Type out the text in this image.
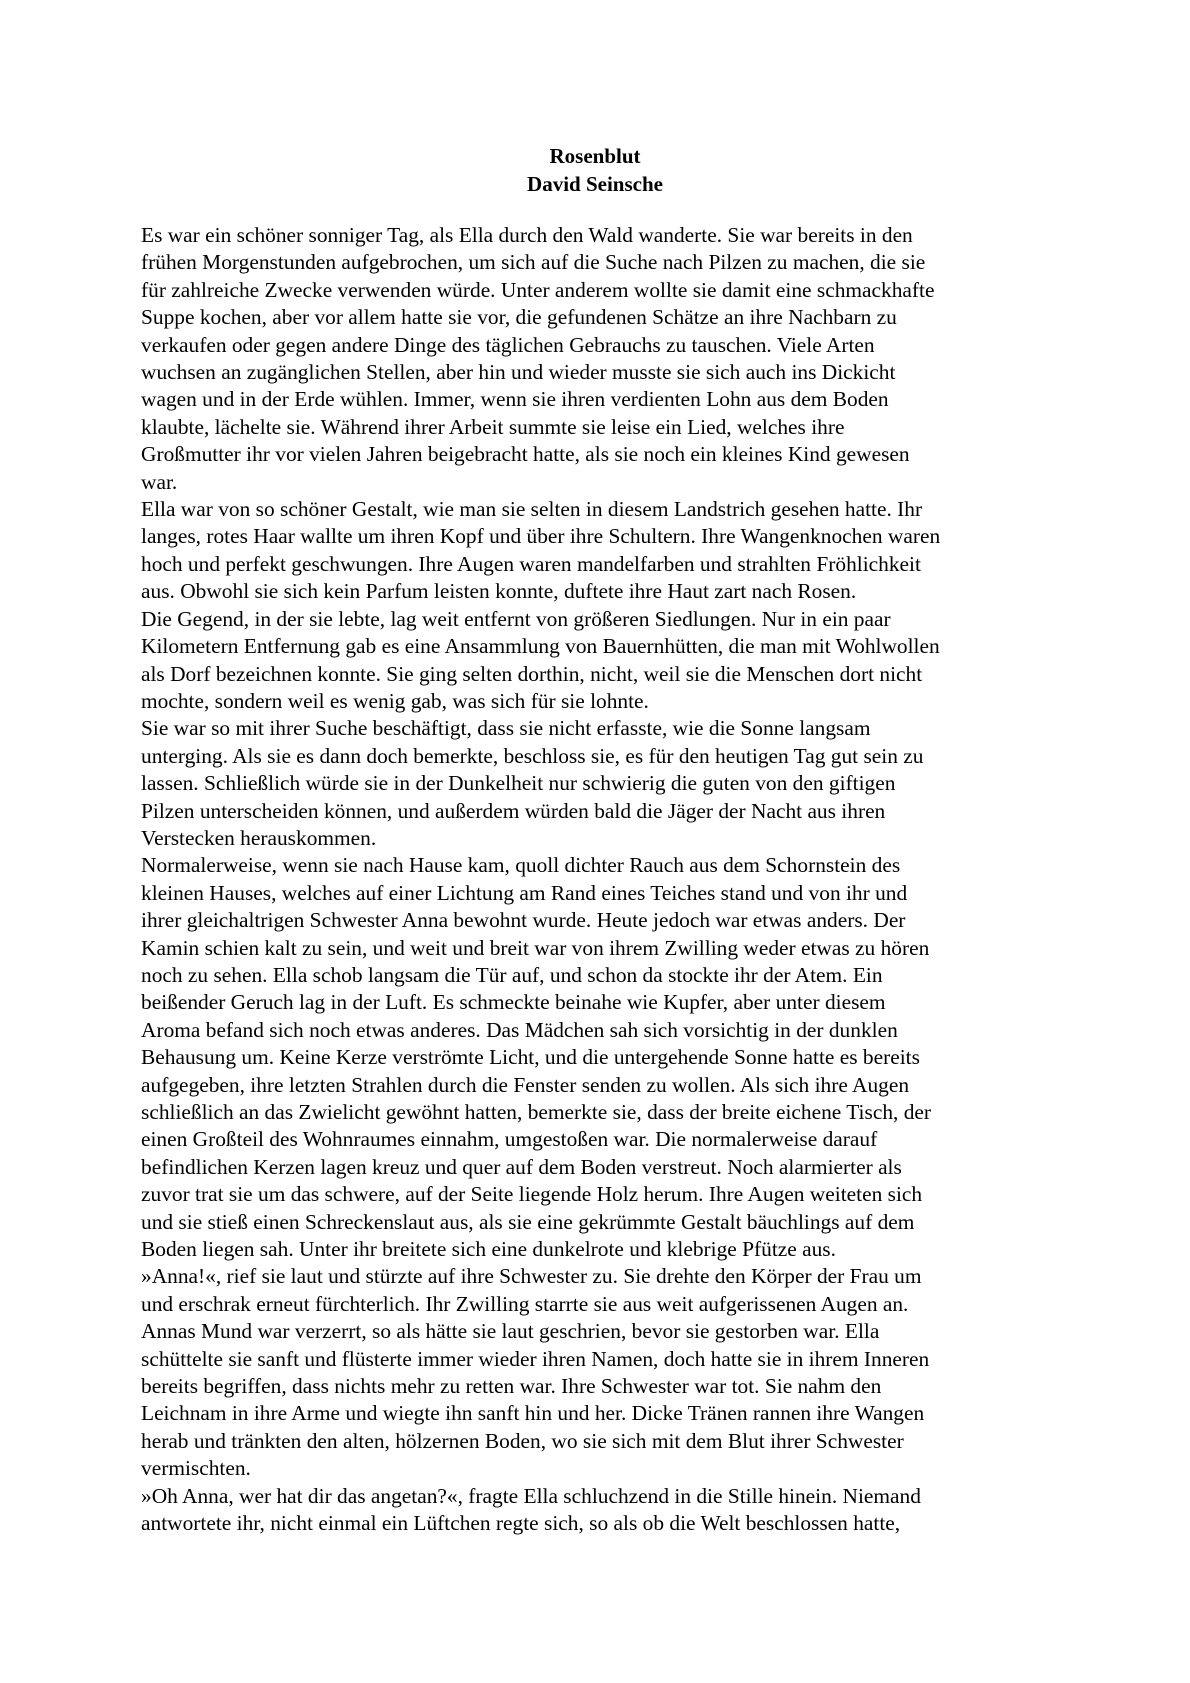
Rosenblut
David Seinsche
Es war ein schöner sonniger Tag, als Ella durch den Wald wanderte. Sie war bereits in den
frühen Morgenstunden aufgebrochen, um sich auf die Suche nach Pilzen zu machen, die sie
für zahlreiche Zwecke verwenden würde. Unter anderem wollte sie damit eine schmackhafte
Suppe kochen, aber vor allem hatte sie vor, die gefundenen Schätze an ihre Nachbarn zu
verkaufen oder gegen andere Dinge des täglichen Gebrauchs zu tauschen. Viele Arten
wuchsen an zugänglichen Stellen, aber hin und wieder musste sie sich auch ins Dickicht
wagen und in der Erde wühlen. Immer, wenn sie ihren verdienten Lohn aus dem Boden
klaubte, lächelte sie. Während ihrer Arbeit summte sie leise ein Lied, welches ihre
Großmutter ihr vor vielen Jahren beigebracht hatte, als sie noch ein kleines Kind gewesen
war.
Ella war von so schöner Gestalt, wie man sie selten in diesem Landstrich gesehen hatte. Ihr
langes, rotes Haar wallte um ihren Kopf und über ihre Schultern. Ihre Wangenknochen waren
hoch und perfekt geschwungen. Ihre Augen waren mandelfarben und strahlten Fröhlichkeit
aus. Obwohl sie sich kein Parfum leisten konnte, duftete ihre Haut zart nach Rosen.
Die Gegend, in der sie lebte, lag weit entfernt von größeren Siedlungen. Nur in ein paar
Kilometern Entfernung gab es eine Ansammlung von Bauernhütten, die man mit Wohlwollen
als Dorf bezeichnen konnte. Sie ging selten dorthin, nicht, weil sie die Menschen dort nicht
mochte, sondern weil es wenig gab, was sich für sie lohnte.
Sie war so mit ihrer Suche beschäftigt, dass sie nicht erfasste, wie die Sonne langsam
unterging. Als sie es dann doch bemerkte, beschloss sie, es für den heutigen Tag gut sein zu
lassen. Schließlich würde sie in der Dunkelheit nur schwierig die guten von den giftigen
Pilzen unterscheiden können, und außerdem würden bald die Jäger der Nacht aus ihren
Verstecken herauskommen.
Normalerweise, wenn sie nach Hause kam, quoll dichter Rauch aus dem Schornstein des
kleinen Hauses, welches auf einer Lichtung am Rand eines Teiches stand und von ihr und
ihrer gleichaltrigen Schwester Anna bewohnt wurde. Heute jedoch war etwas anders. Der
Kamin schien kalt zu sein, und weit und breit war von ihrem Zwilling weder etwas zu hören
noch zu sehen. Ella schob langsam die Tür auf, und schon da stockte ihr der Atem. Ein
beißender Geruch lag in der Luft. Es schmeckte beinahe wie Kupfer, aber unter diesem
Aroma befand sich noch etwas anderes. Das Mädchen sah sich vorsichtig in der dunklen
Behausung um. Keine Kerze verströmte Licht, und die untergehende Sonne hatte es bereits
aufgegeben, ihre letzten Strahlen durch die Fenster senden zu wollen. Als sich ihre Augen
schließlich an das Zwielicht gewöhnt hatten, bemerkte sie, dass der breite eichene Tisch, der
einen Großteil des Wohnraumes einnahm, umgestoßen war. Die normalerweise darauf
befindlichen Kerzen lagen kreuz und quer auf dem Boden verstreut. Noch alarmierter als
zuvor trat sie um das schwere, auf der Seite liegende Holz herum. Ihre Augen weiteten sich
und sie stieß einen Schreckenslaut aus, als sie eine gekrümmte Gestalt bäuchlings auf dem
Boden liegen sah. Unter ihr breitete sich eine dunkelrote und klebrige Pfütze aus.
»Anna!«, rief sie laut und stürzte auf ihre Schwester zu. Sie drehte den Körper der Frau um
und erschrak erneut fürchterlich. Ihr Zwilling starrte sie aus weit aufgerissenen Augen an.
Annas Mund war verzerrt, so als hätte sie laut geschrien, bevor sie gestorben war. Ella
schüttelte sie sanft und flüsterte immer wieder ihren Namen, doch hatte sie in ihrem Inneren
bereits begriffen, dass nichts mehr zu retten war. Ihre Schwester war tot. Sie nahm den
Leichnam in ihre Arme und wiegte ihn sanft hin und her. Dicke Tränen rannen ihre Wangen
herab und tränkten den alten, hölzernen Boden, wo sie sich mit dem Blut ihrer Schwester
vermischten.
»Oh Anna, wer hat dir das angetan?«, fragte Ella schluchzend in die Stille hinein. Niemand
antwortete ihr, nicht einmal ein Lüftchen regte sich, so als ob die Welt beschlossen hatte,
